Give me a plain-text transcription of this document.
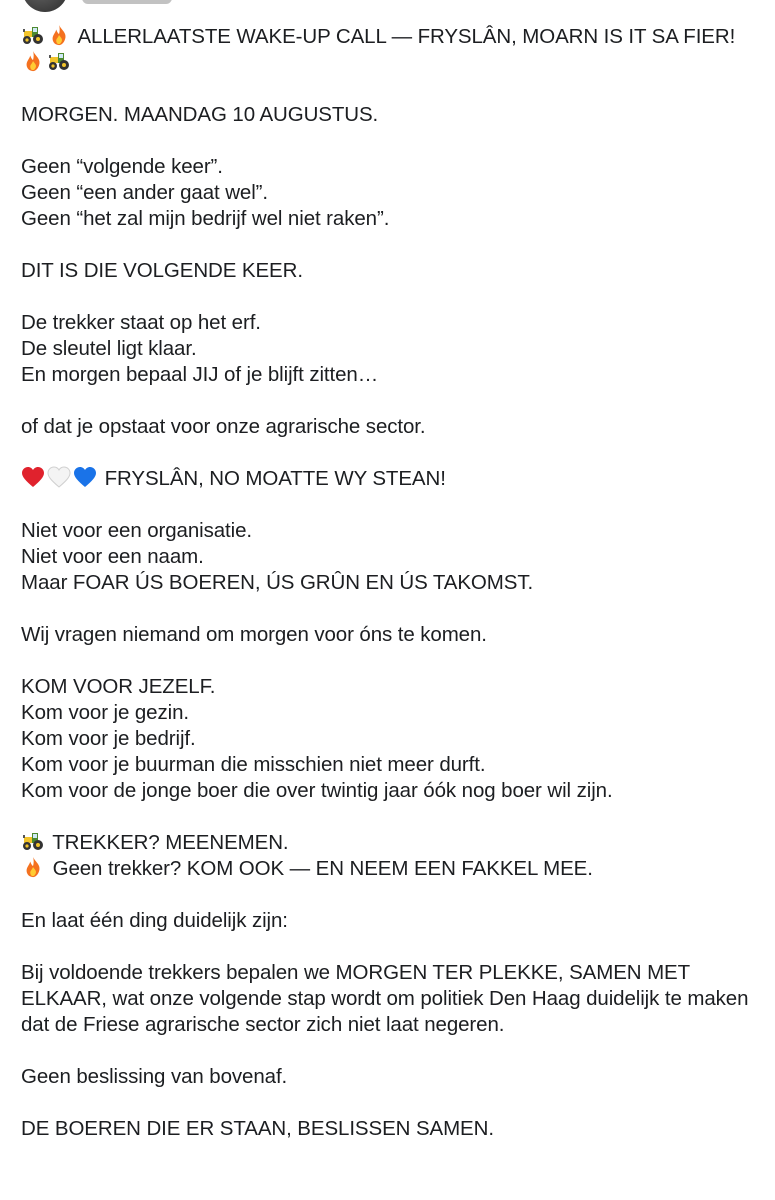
ALLERLAATSTE WAKE-UP CALL — FRYSLÂN, MOARN IS IT SA FIER!

MORGEN. MAANDAG 10 AUGUSTUS.

Geen “volgende keer”.
Geen “een ander gaat wel”.
Geen “het zal mijn bedrijf wel niet raken”.

DIT IS DIE VOLGENDE KEER.

De trekker staat op het erf.
De sleutel ligt klaar.
En morgen bepaal JIJ of je blijft zitten…

of dat je opstaat voor onze agrarische sector.

FRYSLÂN, NO MOATTE WY STEAN!

Niet voor een organisatie.
Niet voor een naam.
Maar FOAR ÚS BOEREN, ÚS GRÛN EN ÚS TAKOMST.

Wij vragen niemand om morgen voor óns te komen.

KOM VOOR JEZELF.
Kom voor je gezin.
Kom voor je bedrijf.
Kom voor je buurman die misschien niet meer durft.
Kom voor de jonge boer die over twintig jaar óók nog boer wil zijn.

TREKKER? MEENEMEN.
Geen trekker? KOM OOK — EN NEEM EEN FAKKEL MEE.

En laat één ding duidelijk zijn:

Bij voldoende trekkers bepalen we MORGEN TER PLEKKE, SAMEN MET ELKAAR, wat onze volgende stap wordt om politiek Den Haag duidelijk te maken dat de Friese agrarische sector zich niet laat negeren.

Geen beslissing van bovenaf.

DE BOEREN DIE ER STAAN, BESLISSEN SAMEN.
